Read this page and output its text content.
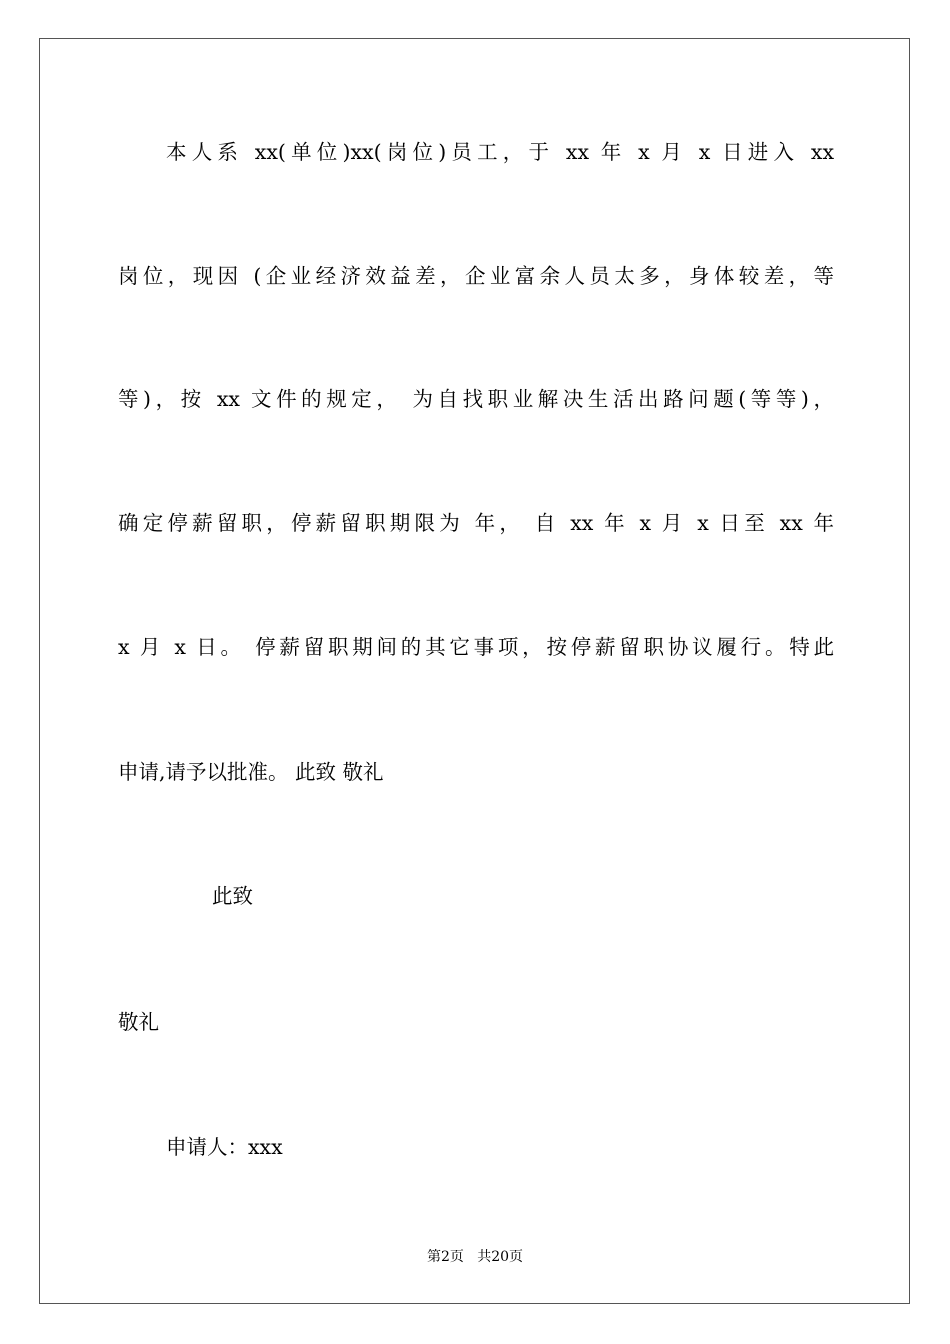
本人系 xx(单位)xx(岗位)员工，于 xx 年 x 月 x 日进入 xx
岗位，现因 (企业经济效益差，企业富余人员太多，身体较差，等
等)，按 xx 文件的规定， 为自找职业解决生活出路问题(等等)，
确定停薪留职，停薪留职期限为 年， 自 xx 年 x 月 x 日至 xx 年
x 月 x 日。 停薪留职期间的其它事项，按停薪留职协议履行。特此
申请,请予以批准。 此致 敬礼
此致
敬礼
申请人：xxx
第2页   共20页
